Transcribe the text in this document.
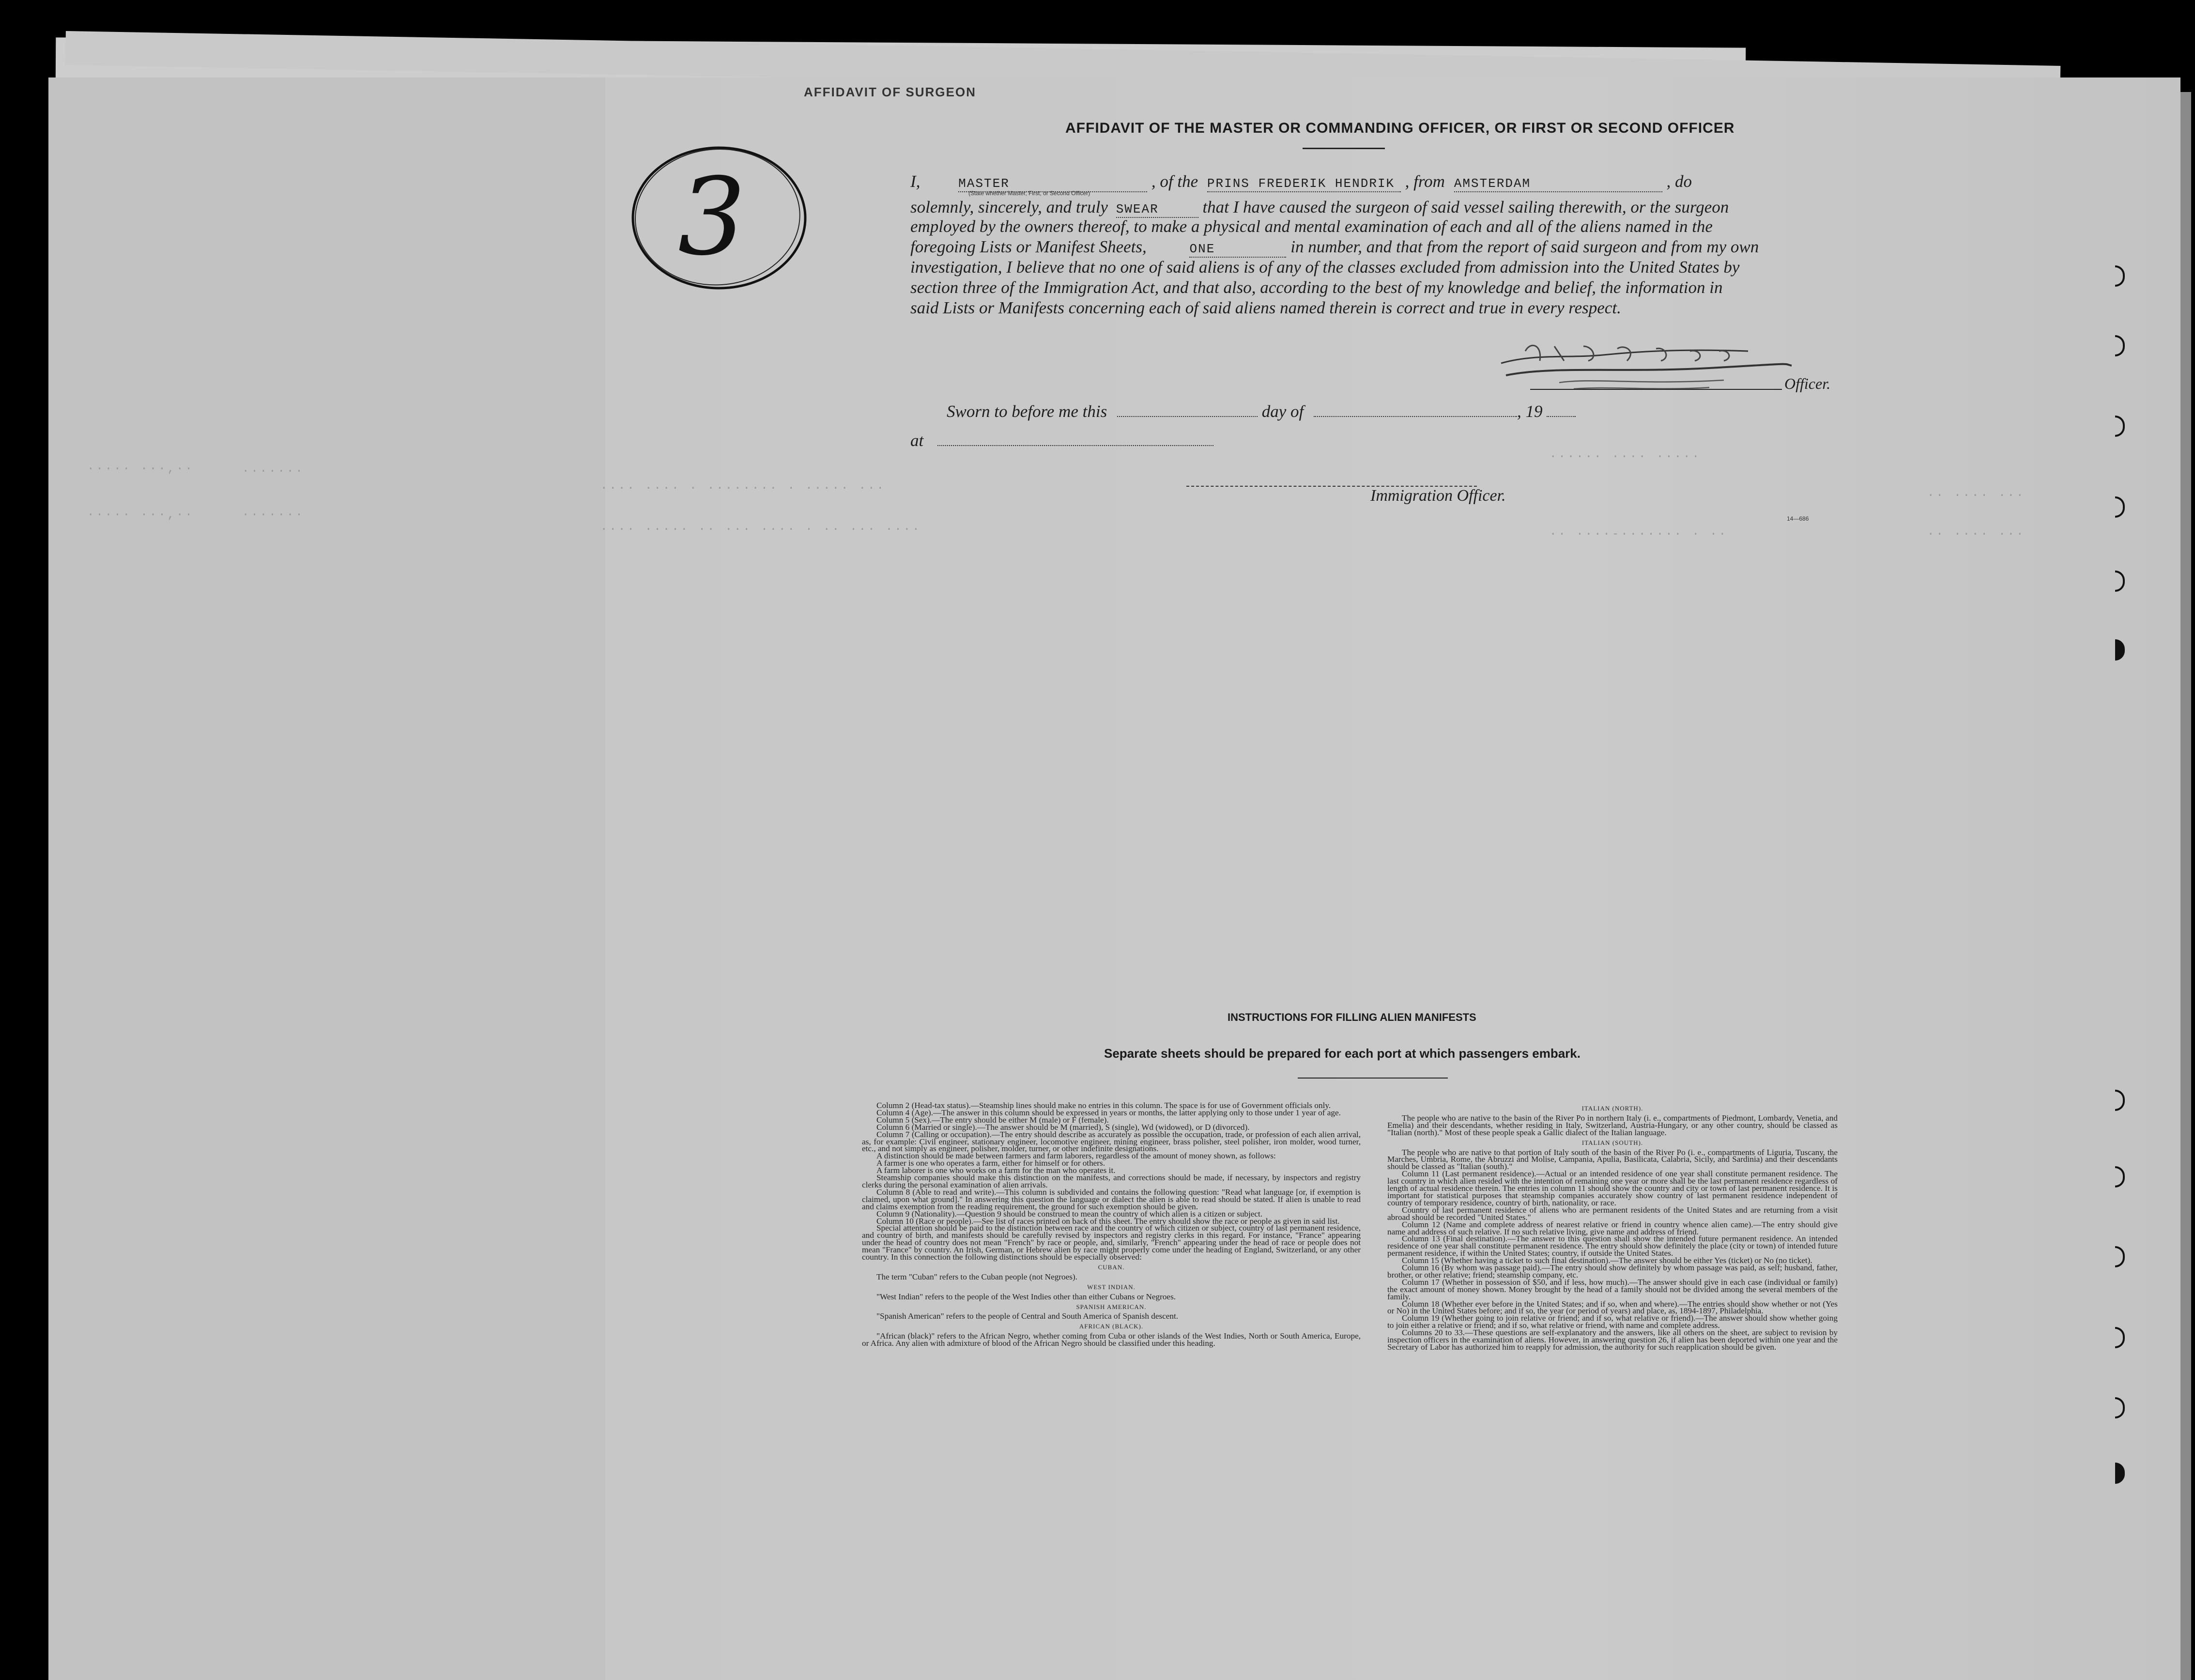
AFFIDAVIT OF SURGEON
····· ···,··
····· ···,··
·······
·······
···· ···· · ········ · ····· ···
···· ····· ·· ··· ···· · ·· ··· ····
······ ···· ·····
·· ····-······· · ··
·· ···· ···
·· ···· ···
3
AFFIDAVIT OF THE MASTER OR COMMANDING OFFICER, OR FIRST OR SECOND OFFICER
I,	MASTER	, of the PRINS FREDERIK HENDRIK , from AMSTERDAM	, do
(State whether Master, First, or Second Officer)
solemnly, sincerely, and truly SWEAR	that I have caused the surgeon of said vessel sailing therewith, or the surgeon
employed by the owners thereof, to make a physical and mental examination of each and all of the aliens named in the
foregoing Lists or Manifest Sheets,	ONE	in number, and that from the report of said surgeon and from my own
investigation, I believe that no one of said aliens is of any of the classes excluded from admission into the United States by
section three of the Immigration Act, and that also, according to the best of my knowledge and belief, the information in
said Lists or Manifests concerning each of said aliens named therein is correct and true in every respect.
Officer.
Sworn to before me this	day of	, 19
at
Immigration Officer.
14—686
INSTRUCTIONS FOR FILLING ALIEN MANIFESTS
Separate sheets should be prepared for each port at which passengers embark.

Column 2 (Head-tax status).—Steamship lines should make no entries in this column. The space is for use of Government officials only.

Column 4 (Age).—The answer in this column should be expressed in years or months, the latter applying only to those under 1 year of age.

Column 5 (Sex).—The entry should be either M (male) or F (female).

Column 6 (Married or single).—The answer should be M (married), S (single), Wd (widowed), or D (divorced).

Column 7 (Calling or occupation).—The entry should describe as accurately as possible the occupation, trade, or profession of each alien arrival, as, for example: Civil engineer, stationary engineer, locomotive engineer, mining engineer, brass polisher, steel polisher, iron molder, wood turner, etc., and not simply as engineer, polisher, molder, turner, or other indefinite designations.

A distinction should be made between farmers and farm laborers, regardless of the amount of money shown, as follows:

A farmer is one who operates a farm, either for himself or for others.

A farm laborer is one who works on a farm for the man who operates it.

Steamship companies should make this distinction on the manifests, and corrections should be made, if necessary, by inspectors and registry clerks during the personal examination of alien arrivals.

Column 8 (Able to read and write).—This column is subdivided and contains the following question: "Read what language [or, if exemption is claimed, upon what ground]." In answering this question the language or dialect the alien is able to read should be stated. If alien is unable to read and claims exemption from the reading requirement, the ground for such exemption should be given.

Column 9 (Nationality).—Question 9 should be construed to mean the country of which alien is a citizen or subject.

Column 10 (Race or people).—See list of races printed on back of this sheet. The entry should show the race or people as given in said list.

Special attention should be paid to the distinction between race and the country of which citizen or subject, country of last permanent residence, and country of birth, and manifests should be carefully revised by inspectors and registry clerks in this regard. For instance, "France" appearing under the head of country does not mean "French" by race or people, and, similarly, "French" appearing under the head of race or people does not mean "France" by country. An Irish, German, or Hebrew alien by race might properly come under the heading of England, Switzerland, or any other country. In this connection the following distinctions should be especially observed:

CUBAN.

The term "Cuban" refers to the Cuban people (not Negroes).

WEST INDIAN.

"West Indian" refers to the people of the West Indies other than either Cubans or Negroes.

SPANISH AMERICAN.

"Spanish American" refers to the people of Central and South America of Spanish descent.

AFRICAN (BLACK).

"African (black)" refers to the African Negro, whether coming from Cuba or other islands of the West Indies, North or South America, Europe, or Africa. Any alien with admixture of blood of the African Negro should be classified under this heading.

ITALIAN (NORTH).

The people who are native to the basin of the River Po in northern Italy (i. e., compartments of Piedmont, Lombardy, Venetia, and Emelia) and their descendants, whether residing in Italy, Switzerland, Austria-Hungary, or any other country, should be classed as "Italian (north)." Most of these people speak a Gallic dialect of the Italian language.

ITALIAN (SOUTH).

The people who are native to that portion of Italy south of the basin of the River Po (i. e., compartments of Liguria, Tuscany, the Marches, Umbria, Rome, the Abruzzi and Molise, Campania, Apulia, Basilicata, Calabria, Sicily, and Sardinia) and their descendants should be classed as "Italian (south)."

Column 11 (Last permanent residence).—Actual or an intended residence of one year shall constitute permanent residence. The last country in which alien resided with the intention of remaining one year or more shall be the last permanent residence regardless of length of actual residence therein. The entries in column 11 should show the country and city or town of last permanent residence. It is important for statistical purposes that steamship companies accurately show country of last permanent residence independent of country of temporary residence, country of birth, nationality, or race.

Country of last permanent residence of aliens who are permanent residents of the United States and are returning from a visit abroad should be recorded "United States."

Column 12 (Name and complete address of nearest relative or friend in country whence alien came).—The entry should give name and address of such relative. If no such relative living, give name and address of friend.

Column 13 (Final destination).—The answer to this question shall show the intended future permanent residence. An intended residence of one year shall constitute permanent residence. The entry should show definitely the place (city or town) of intended future permanent residence, if within the United States; country, if outside the United States.

Column 15 (Whether having a ticket to such final destination).—The answer should be either Yes (ticket) or No (no ticket).

Column 16 (By whom was passage paid).—The entry should show definitely by whom passage was paid, as self; husband, father, brother, or other relative; friend; steamship company, etc.

Column 17 (Whether in possession of $50, and if less, how much).—The answer should give in each case (individual or family) the exact amount of money shown. Money brought by the head of a family should not be divided among the several members of the family.

Column 18 (Whether ever before in the United States; and if so, when and where).—The entries should show whether or not (Yes or No) in the United States before; and if so, the year (or period of years) and place, as, 1894-1897, Philadelphia.

Column 19 (Whether going to join relative or friend; and if so, what relative or friend).—The answer should show whether going to join either a relative or friend; and if so, what relative or friend, with name and complete address.

Columns 20 to 33.—These questions are self-explanatory and the answers, like all others on the sheet, are subject to revision by inspection officers in the examination of aliens. However, in answering question 26, if alien has been deported within one year and the Secretary of Labor has authorized him to reapply for admission, the authority for such reapplication should be given.
